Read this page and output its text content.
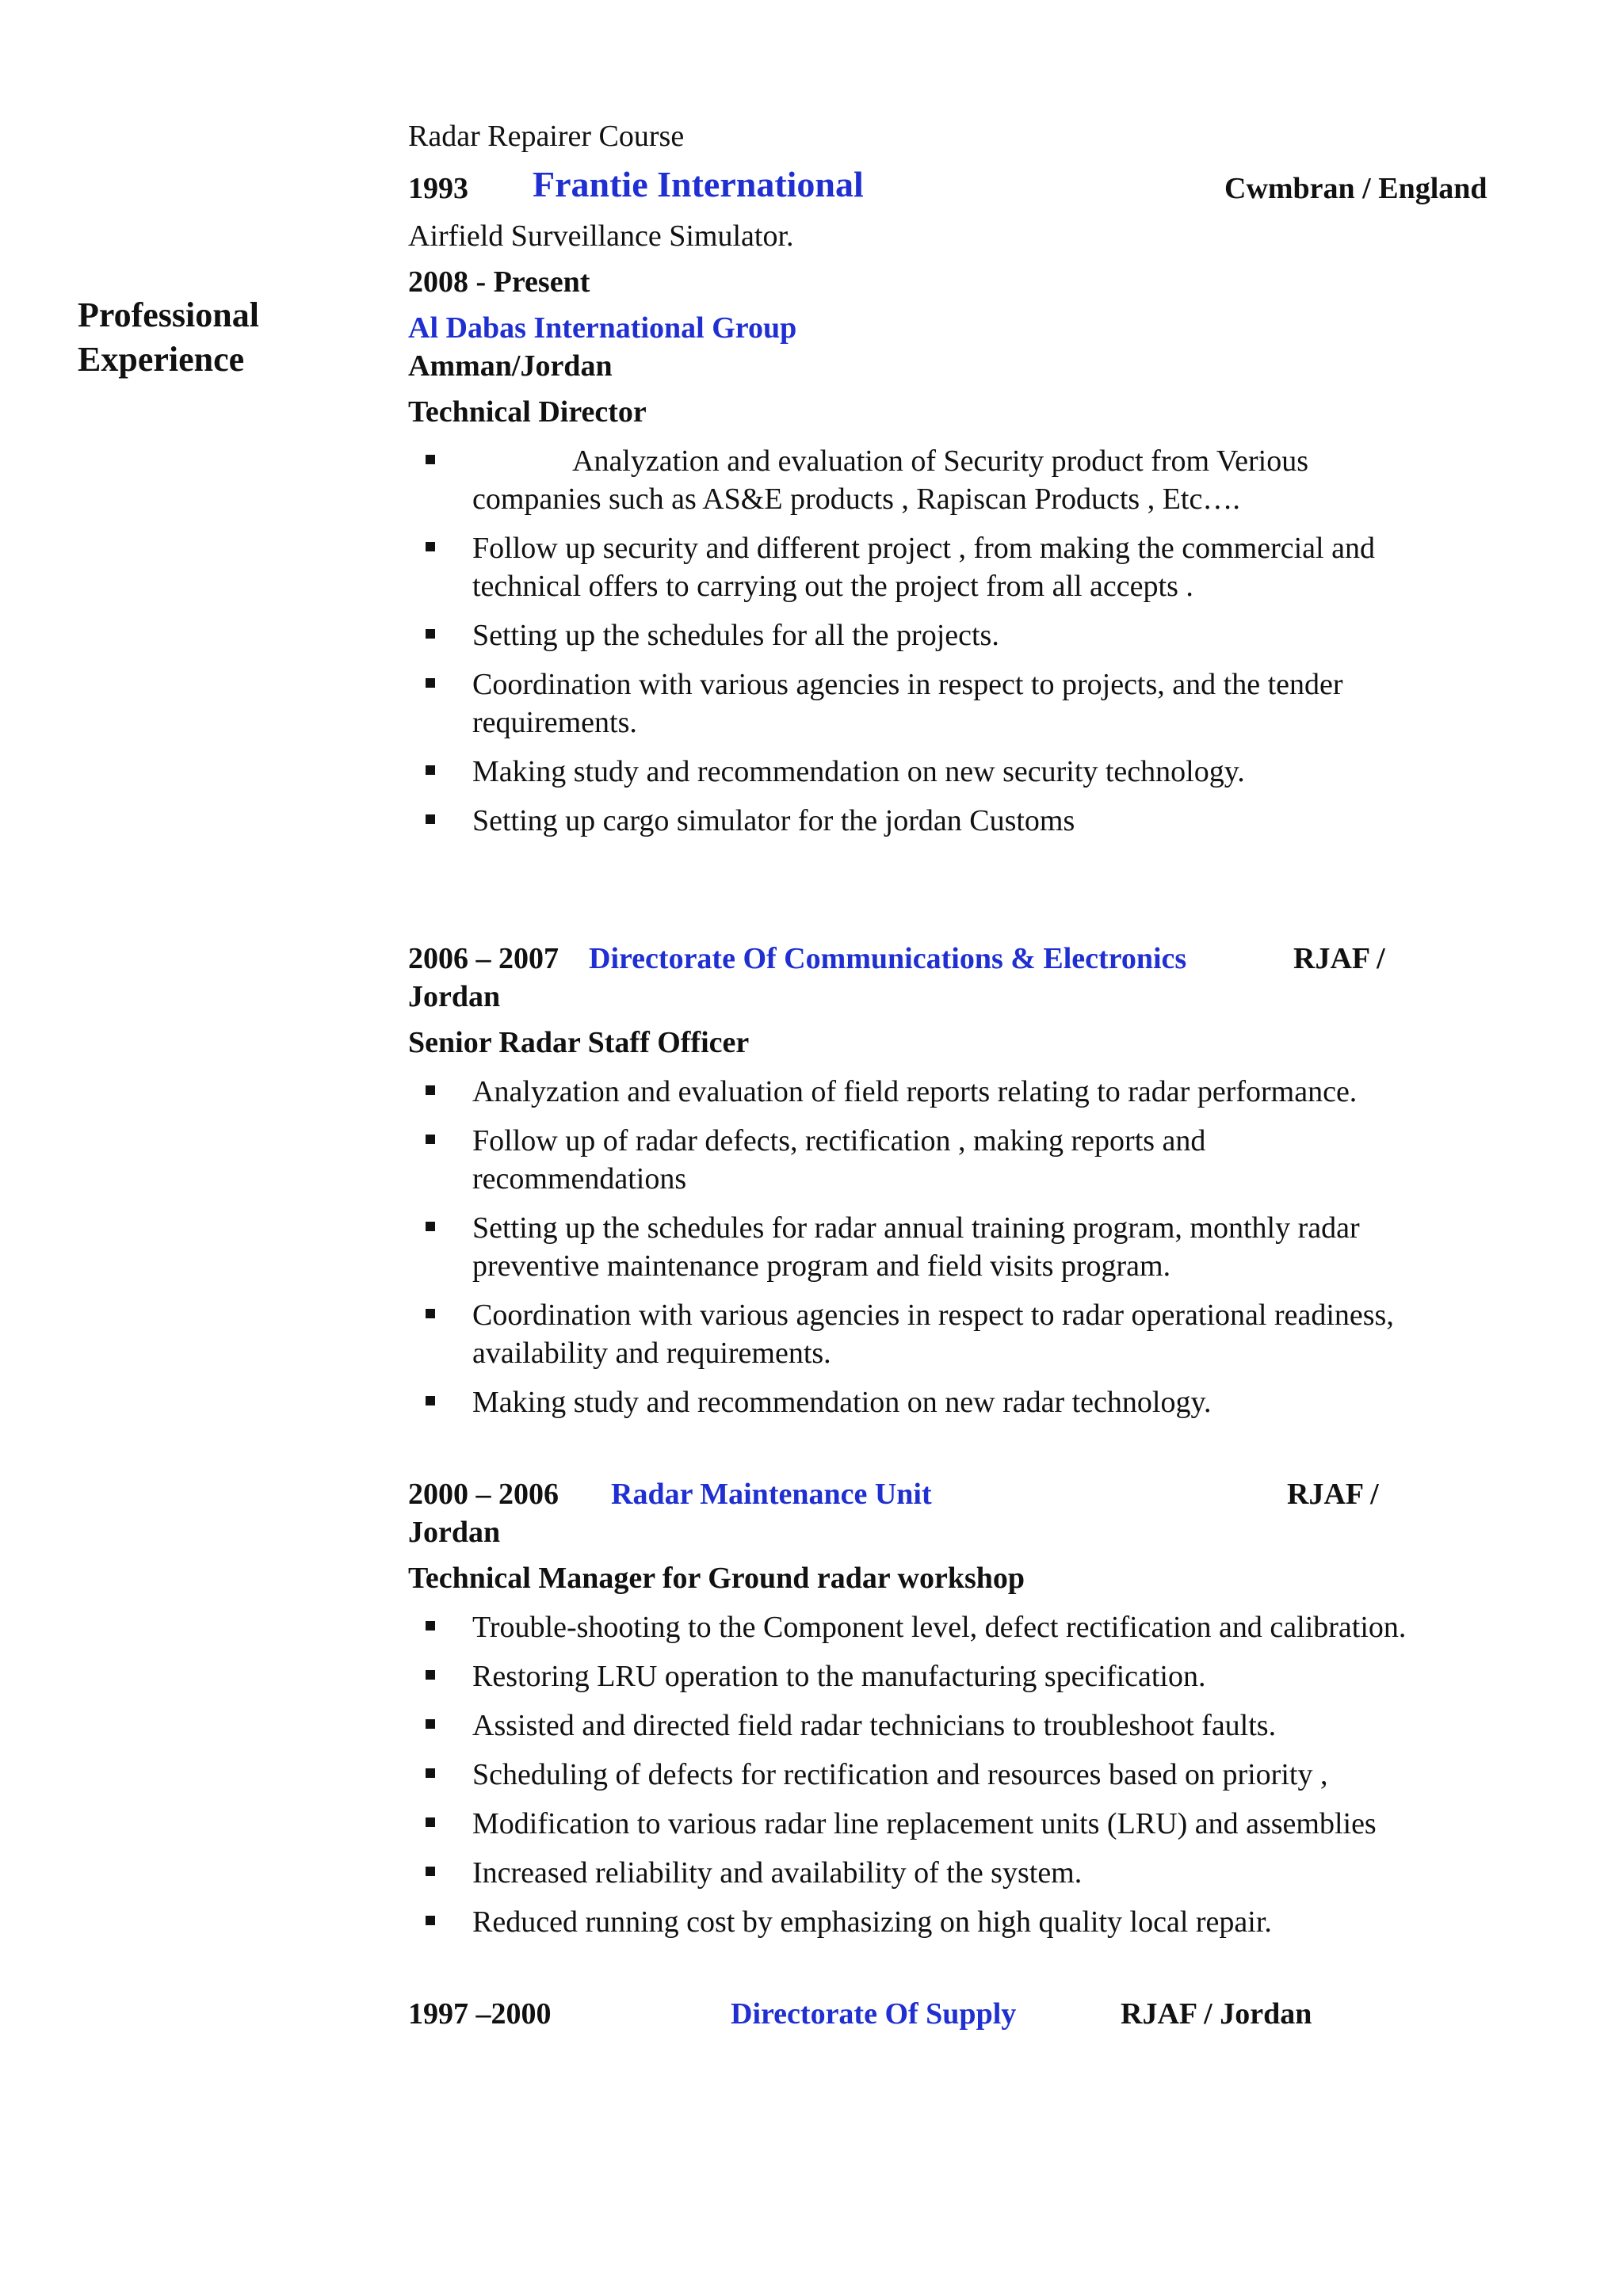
Radar Repairer Course
1993 Frantie International	Cwmbran / England
Airfield Surveillance Simulator.
Professional
Experience
2008 - Present
Al Dabas International Group
Amman/Jordan
Technical Director
Analyzation and evaluation of Security product from Verious
companies such as AS&E products , Rapiscan Products , Etc….
Follow up security and different project , from making the commercial and
technical offers to carrying out the project from all accepts .
Setting up the schedules for all the projects.
Coordination with various agencies in respect to projects, and the tender
requirements.
Making study and recommendation on new security technology.
Setting up cargo simulator for the jordan Customs
2006 – 2007 Directorate Of Communications & Electronics	RJAF /
Jordan
Senior Radar Staff Officer
Analyzation and evaluation of field reports relating to radar performance.
Follow up of radar defects, rectification , making reports and
recommendations
Setting up the schedules for radar annual training program, monthly radar
preventive maintenance program and field visits program.
Coordination with various agencies in respect to radar operational readiness,
availability and requirements.
Making study and recommendation on new radar technology.
2000 – 2006 Radar Maintenance Unit	RJAF /
Jordan
Technical Manager for Ground radar workshop
Trouble-shooting to the Component level, defect rectification and calibration.
Restoring LRU operation to the manufacturing specification.
Assisted and directed field radar technicians to troubleshoot faults.
Scheduling of defects for rectification and resources based on priority ,
Modification to various radar line replacement units (LRU) and assemblies
Increased reliability and availability of the system.
Reduced running cost by emphasizing on high quality local repair.
1997 –2000	Directorate Of Supply	RJAF / Jordan
